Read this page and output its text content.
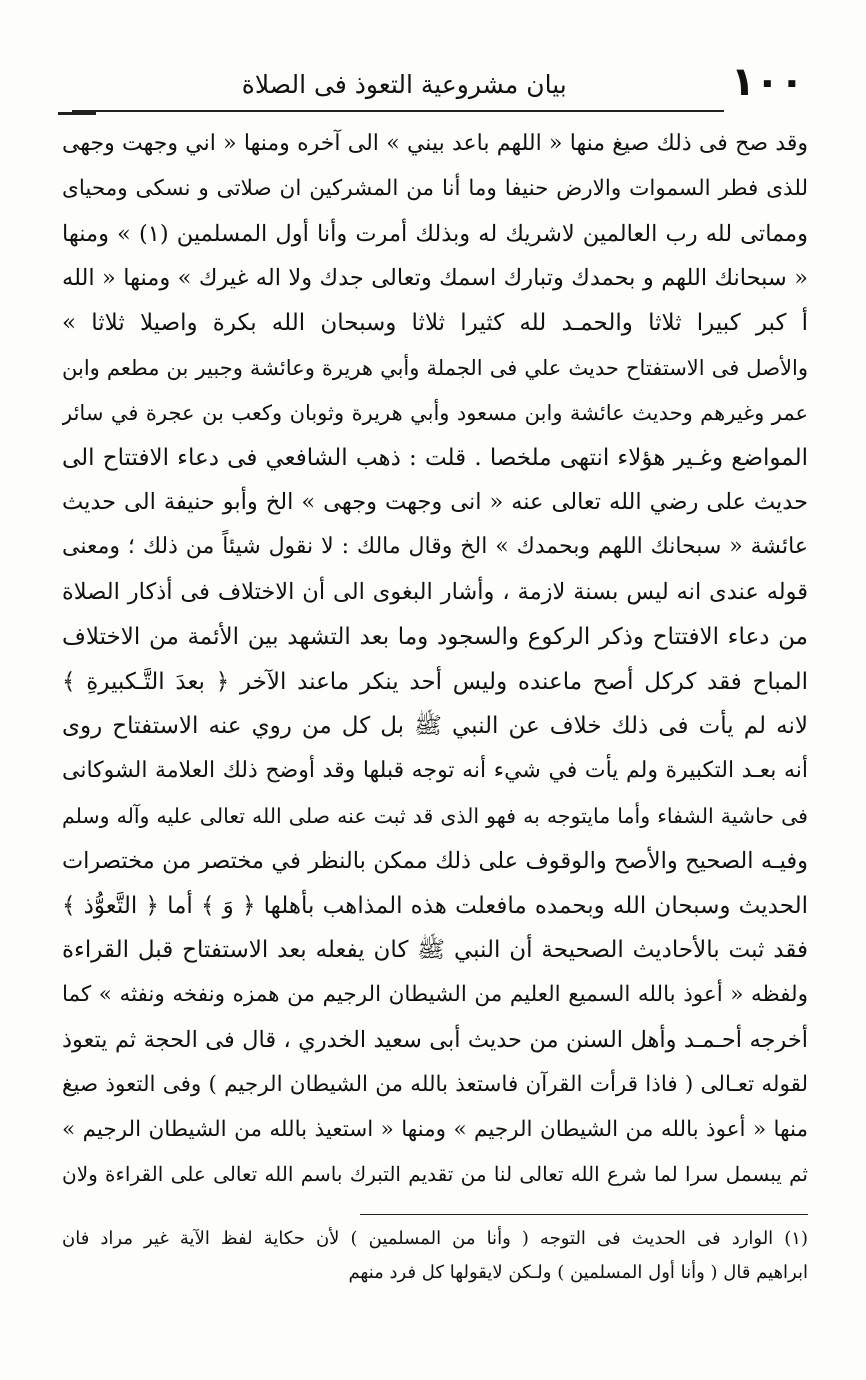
١٠٠
بيان مشروعية التعوذ فى الصلاة
وقد صح فى ذلك صيغ منها « اللهم باعد بيني » الى آخره ومنها « اني وجهت وجهى
للذى فطر السموات والارض حنيفا وما أنا من المشركين ان صلاتى و نسكى ومحياى
ومماتى لله رب العالمين لاشريك له وبذلك أمرت وأنا أول المسلمين (١) » ومنها
« سبحانك اللهم و بحمدك وتبارك اسمك وتعالى جدك ولا اله غيرك » ومنها « الله
أ كبر كبيرا ثلاثا والحمـد لله كثيرا ثلاثا وسبحان الله بكرة واصيلا ثلاثا »
والأصل فى الاستفتاح حديث علي فى الجملة وأبي هريرة وعائشة وجبير بن مطعم وابن
عمر وغيرهم وحديث عائشة وابن مسعود وأبي هريرة وثوبان وكعب بن عجرة في سائر
المواضع وغـير هؤلاء انتهى ملخصا . قلت : ذهب الشافعي فى دعاء الافتتاح الى
حديث على رضي الله تعالى عنه « انى وجهت وجهى » الخ وأبو حنيفة الى حديث
عائشة « سبحانك اللهم وبحمدك » الخ وقال مالك : لا نقول شيئاً من ذلك ؛ ومعنى
قوله عندى انه ليس بسنة لازمة ، وأشار البغوى الى أن الاختلاف فى أذكار الصلاة
من دعاء الافتتاح وذكر الركوع والسجود وما بعد التشهد بين الأئمة من الاختلاف
المباح فقد كركل أصح ماعنده وليس أحد ينكر ماعند الآخر ﴿ بعدَ التَّـكبيرةِ ﴾
لانه لم يأت فى ذلك خلاف عن النبي ﷺ بل كل من روي عنه الاستفتاح روى
أنه بعـد التكبيرة ولم يأت في شيء أنه توجه قبلها وقد أوضح ذلك العلامة الشوكانى
فى حاشية الشفاء وأما مايتوجه به فهو الذى قد ثبت عنه صلى الله تعالى عليه وآله وسلم
وفيـه الصحيح والأصح والوقوف على ذلك ممكن بالنظر في مختصر من مختصرات
الحديث وسبحان الله وبحمده مافعلت هذه المذاهب بأهلها ﴿ وَ ﴾ أما ﴿ التَّعوُّذ ﴾
فقد ثبت بالأحاديث الصحيحة أن النبي ﷺ كان يفعله بعد الاستفتاح قبل القراءة
ولفظه « أعوذ بالله السميع العليم من الشيطان الرجيم من همزه ونفخه ونفثه » كما
أخرجه أحـمـد وأهل السنن من حديث أبى سعيد الخدري ، قال فى الحجة ثم يتعوذ
لقوله تعـالى ( فاذا قرأت القرآن فاستعذ بالله من الشيطان الرجيم ) وفى التعوذ صيغ
منها « أعوذ بالله من الشيطان الرجيم » ومنها « استعيذ بالله من الشيطان الرجيم »
ثم يبسمل سرا لما شرع الله تعالى لنا من تقديم التبرك باسم الله تعالى على القراءة ولان
(١) الوارد فى الحديث فى التوجه ( وأنا من المسلمين ) لأن حكاية لفظ الآية غير مراد فان
ابراهيم قال ( وأنا أول المسلمين ) ولـكن لايقولها كل فرد منهم
